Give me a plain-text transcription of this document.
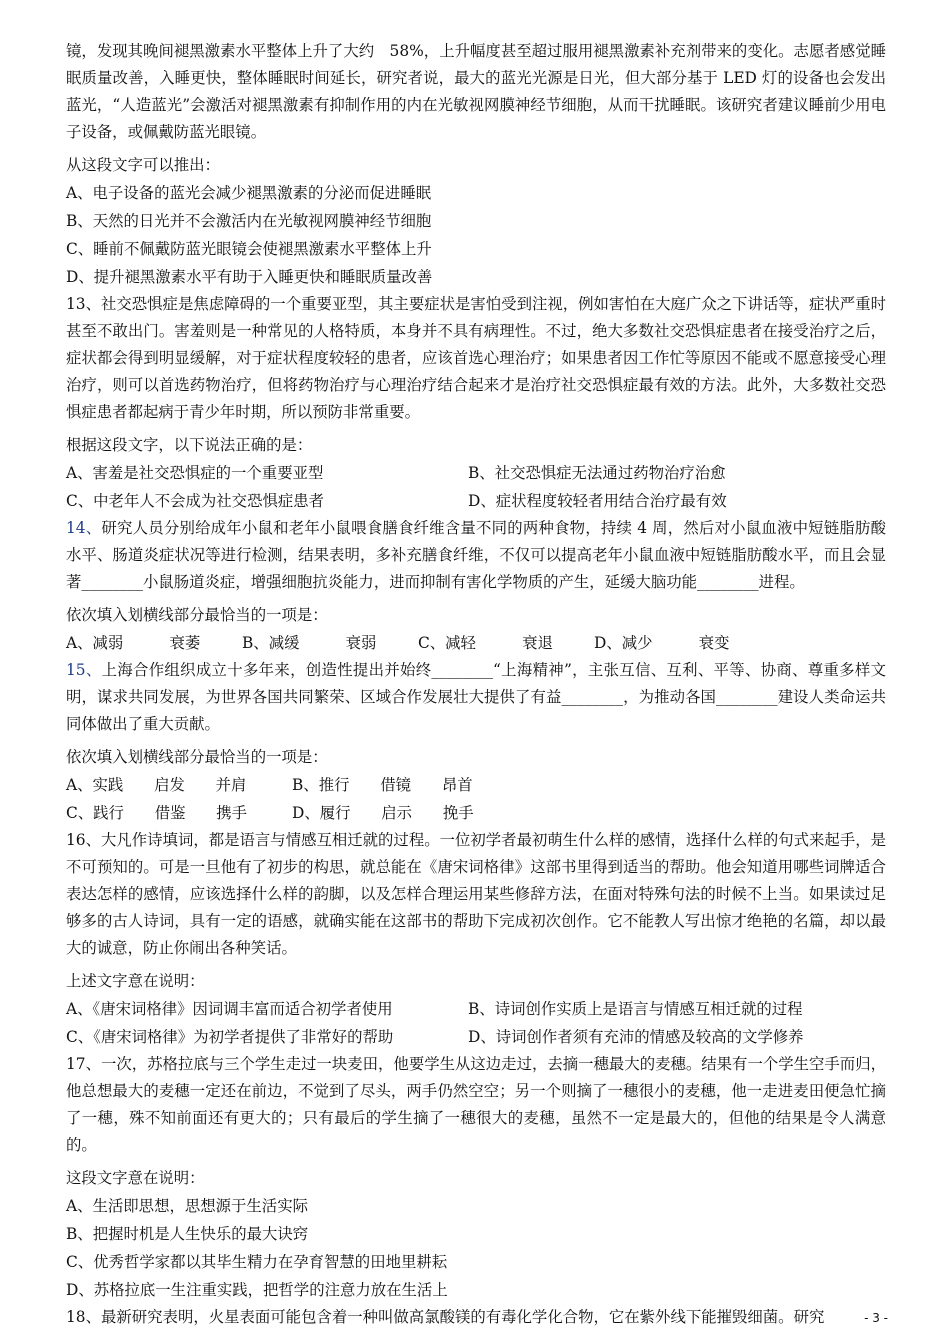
镜，发现其晚间褪黑激素水平整体上升了大约　58%，上升幅度甚至超过服用褪黑激素补充剂带来的变化。志愿者感觉睡眠质量改善，入睡更快，整体睡眠时间延长，研究者说，最大的蓝光光源是日光，但大部分基于 LED 灯的设备也会发出蓝光，“人造蓝光”会激活对褪黑激素有抑制作用的内在光敏视网膜神经节细胞，从而干扰睡眠。该研究者建议睡前少用电子设备，或佩戴防蓝光眼镜。

从这段文字可以推出：

A、电子设备的蓝光会减少褪黑激素的分泌而促进睡眠

B、天然的日光并不会激活内在光敏视网膜神经节细胞

C、睡前不佩戴防蓝光眼镜会使褪黑激素水平整体上升

D、提升褪黑激素水平有助于入睡更快和睡眠质量改善

13、社交恐惧症是焦虑障碍的一个重要亚型，其主要症状是害怕受到注视，例如害怕在大庭广众之下讲话等，症状严重时甚至不敢出门。害羞则是一种常见的人格特质，本身并不具有病理性。不过，绝大多数社交恐惧症患者在接受治疗之后，症状都会得到明显缓解，对于症状程度较轻的患者，应该首选心理治疗；如果患者因工作忙等原因不能或不愿意接受心理治疗，则可以首选药物治疗，但将药物治疗与心理治疗结合起来才是治疗社交恐惧症最有效的方法。此外，大多数社交恐惧症患者都起病于青少年时期，所以预防非常重要。

根据这段文字，以下说法正确的是：

A、害羞是社交恐惧症的一个重要亚型	B、社交恐惧症无法通过药物治疗治愈

C、中老年人不会成为社交恐惧症患者	D、症状程度较轻者用结合治疗最有效

14、研究人员分别给成年小鼠和老年小鼠喂食膳食纤维含量不同的两种食物，持续 4 周，然后对小鼠血液中短链脂肪酸水平、肠道炎症状况等进行检测，结果表明，多补充膳食纤维，不仅可以提高老年小鼠血液中短链脂肪酸水平，而且会显著________小鼠肠道炎症，增强细胞抗炎能力，进而抑制有害化学物质的产生，延缓大脑功能________进程。

依次填入划横线部分最恰当的一项是：

A、减弱　　　衰萎	B、减缓　　　衰弱	C、减轻　　　衰退	D、减少　　　衰变

15、上海合作组织成立十多年来，创造性提出并始终________“上海精神”，主张互信、互利、平等、协商、尊重多样文明，谋求共同发展，为世界各国共同繁荣、区域合作发展壮大提供了有益________，为推动各国________建设人类命运共同体做出了重大贡献。

依次填入划横线部分最恰当的一项是：

A、实践　　启发　　并肩	B、推行　　借镜　　昂首

C、践行　　借鉴　　携手	D、履行　　启示　　挽手

16、大凡作诗填词，都是语言与情感互相迁就的过程。一位初学者最初萌生什么样的感情，选择什么样的句式来起手，是不可预知的。可是一旦他有了初步的构思，就总能在《唐宋词格律》这部书里得到适当的帮助。他会知道用哪些词牌适合表达怎样的感情，应该选择什么样的韵脚，以及怎样合理运用某些修辞方法，在面对特殊句法的时候不上当。如果读过足够多的古人诗词，具有一定的语感，就确实能在这部书的帮助下完成初次创作。它不能教人写出惊才绝艳的名篇，却以最大的诚意，防止你闹出各种笑话。

上述文字意在说明：

A、《唐宋词格律》因词调丰富而适合初学者使用	B、诗词创作实质上是语言与情感互相迁就的过程

C、《唐宋词格律》为初学者提供了非常好的帮助	D、诗词创作者须有充沛的情感及较高的文学修养

17、一次，苏格拉底与三个学生走过一块麦田，他要学生从这边走过，去摘一穗最大的麦穗。结果有一个学生空手而归，他总想最大的麦穗一定还在前边，不觉到了尽头，两手仍然空空；另一个则摘了一穗很小的麦穗，他一走进麦田便急忙摘了一穗，殊不知前面还有更大的；只有最后的学生摘了一穗很大的麦穗，虽然不一定是最大的，但他的结果是令人满意的。

这段文字意在说明：

A、生活即思想，思想源于生活实际

B、把握时机是人生快乐的最大诀窍

C、优秀哲学家都以其毕生精力在孕育智慧的田地里耕耘

D、苏格拉底一生注重实践，把哲学的注意力放在生活上

18、最新研究表明，火星表面可能包含着一种叫做高氯酸镁的有毒化学化合物，它在紫外线下能摧毁细菌。研究	- 3 -
